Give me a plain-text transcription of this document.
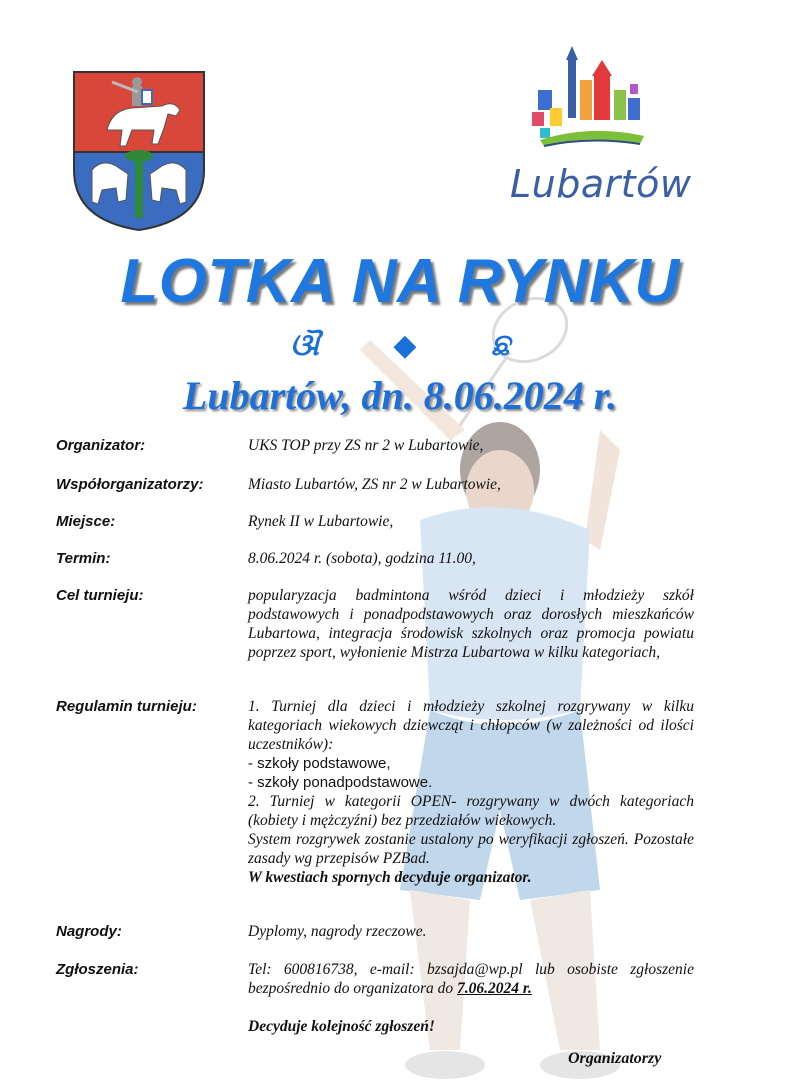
Lubartów
LOTKA NA RYNKU
ଔ ◆ ଛ
Lubartów, dn. 8.06.2024 r.
Organizator:	UKS TOP przy ZS nr 2 w Lubartowie,
Współorganizatorzy:	Miasto Lubartów, ZS nr 2 w Lubartowie,
Miejsce:	Rynek II w Lubartowie,
Termin:	8.06.2024 r. (sobota), godzina 11.00,
Cel turnieju:	popularyzacja badmintona wśród dzieci i młodzieży szkół podstawowych i ponadpodstawowych oraz dorosłych mieszkańców Lubartowa, integracja środowisk szkolnych oraz promocja powiatu poprzez sport, wyłonienie Mistrza Lubartowa w kilku kategoriach,
Regulamin turnieju:	1. Turniej dla dzieci i młodzieży szkolnej rozgrywany w kilku kategoriach wiekowych dziewcząt i chłopców (w zależności od ilości uczestników):

- szkoły podstawowe,

- szkoły ponadpodstawowe.

2. Turniej w kategorii OPEN- rozgrywany w dwóch kategoriach (kobiety i mężczyźni) bez przedziałów wiekowych.

System rozgrywek zostanie ustalony po weryfikacji zgłoszeń. Pozostałe zasady wg przepisów PZBad.

W kwestiach spornych decyduje organizator.

Nagrody:	Dyplomy, nagrody rzeczowe.
Zgłoszenia:	Tel: 600816738, e-mail: bzsajda@wp.pl lub osobiste zgłoszenie bezpośrednio do organizatora do 7.06.2024 r.

Decyduje kolejność zgłoszeń!

Organizatorzy
